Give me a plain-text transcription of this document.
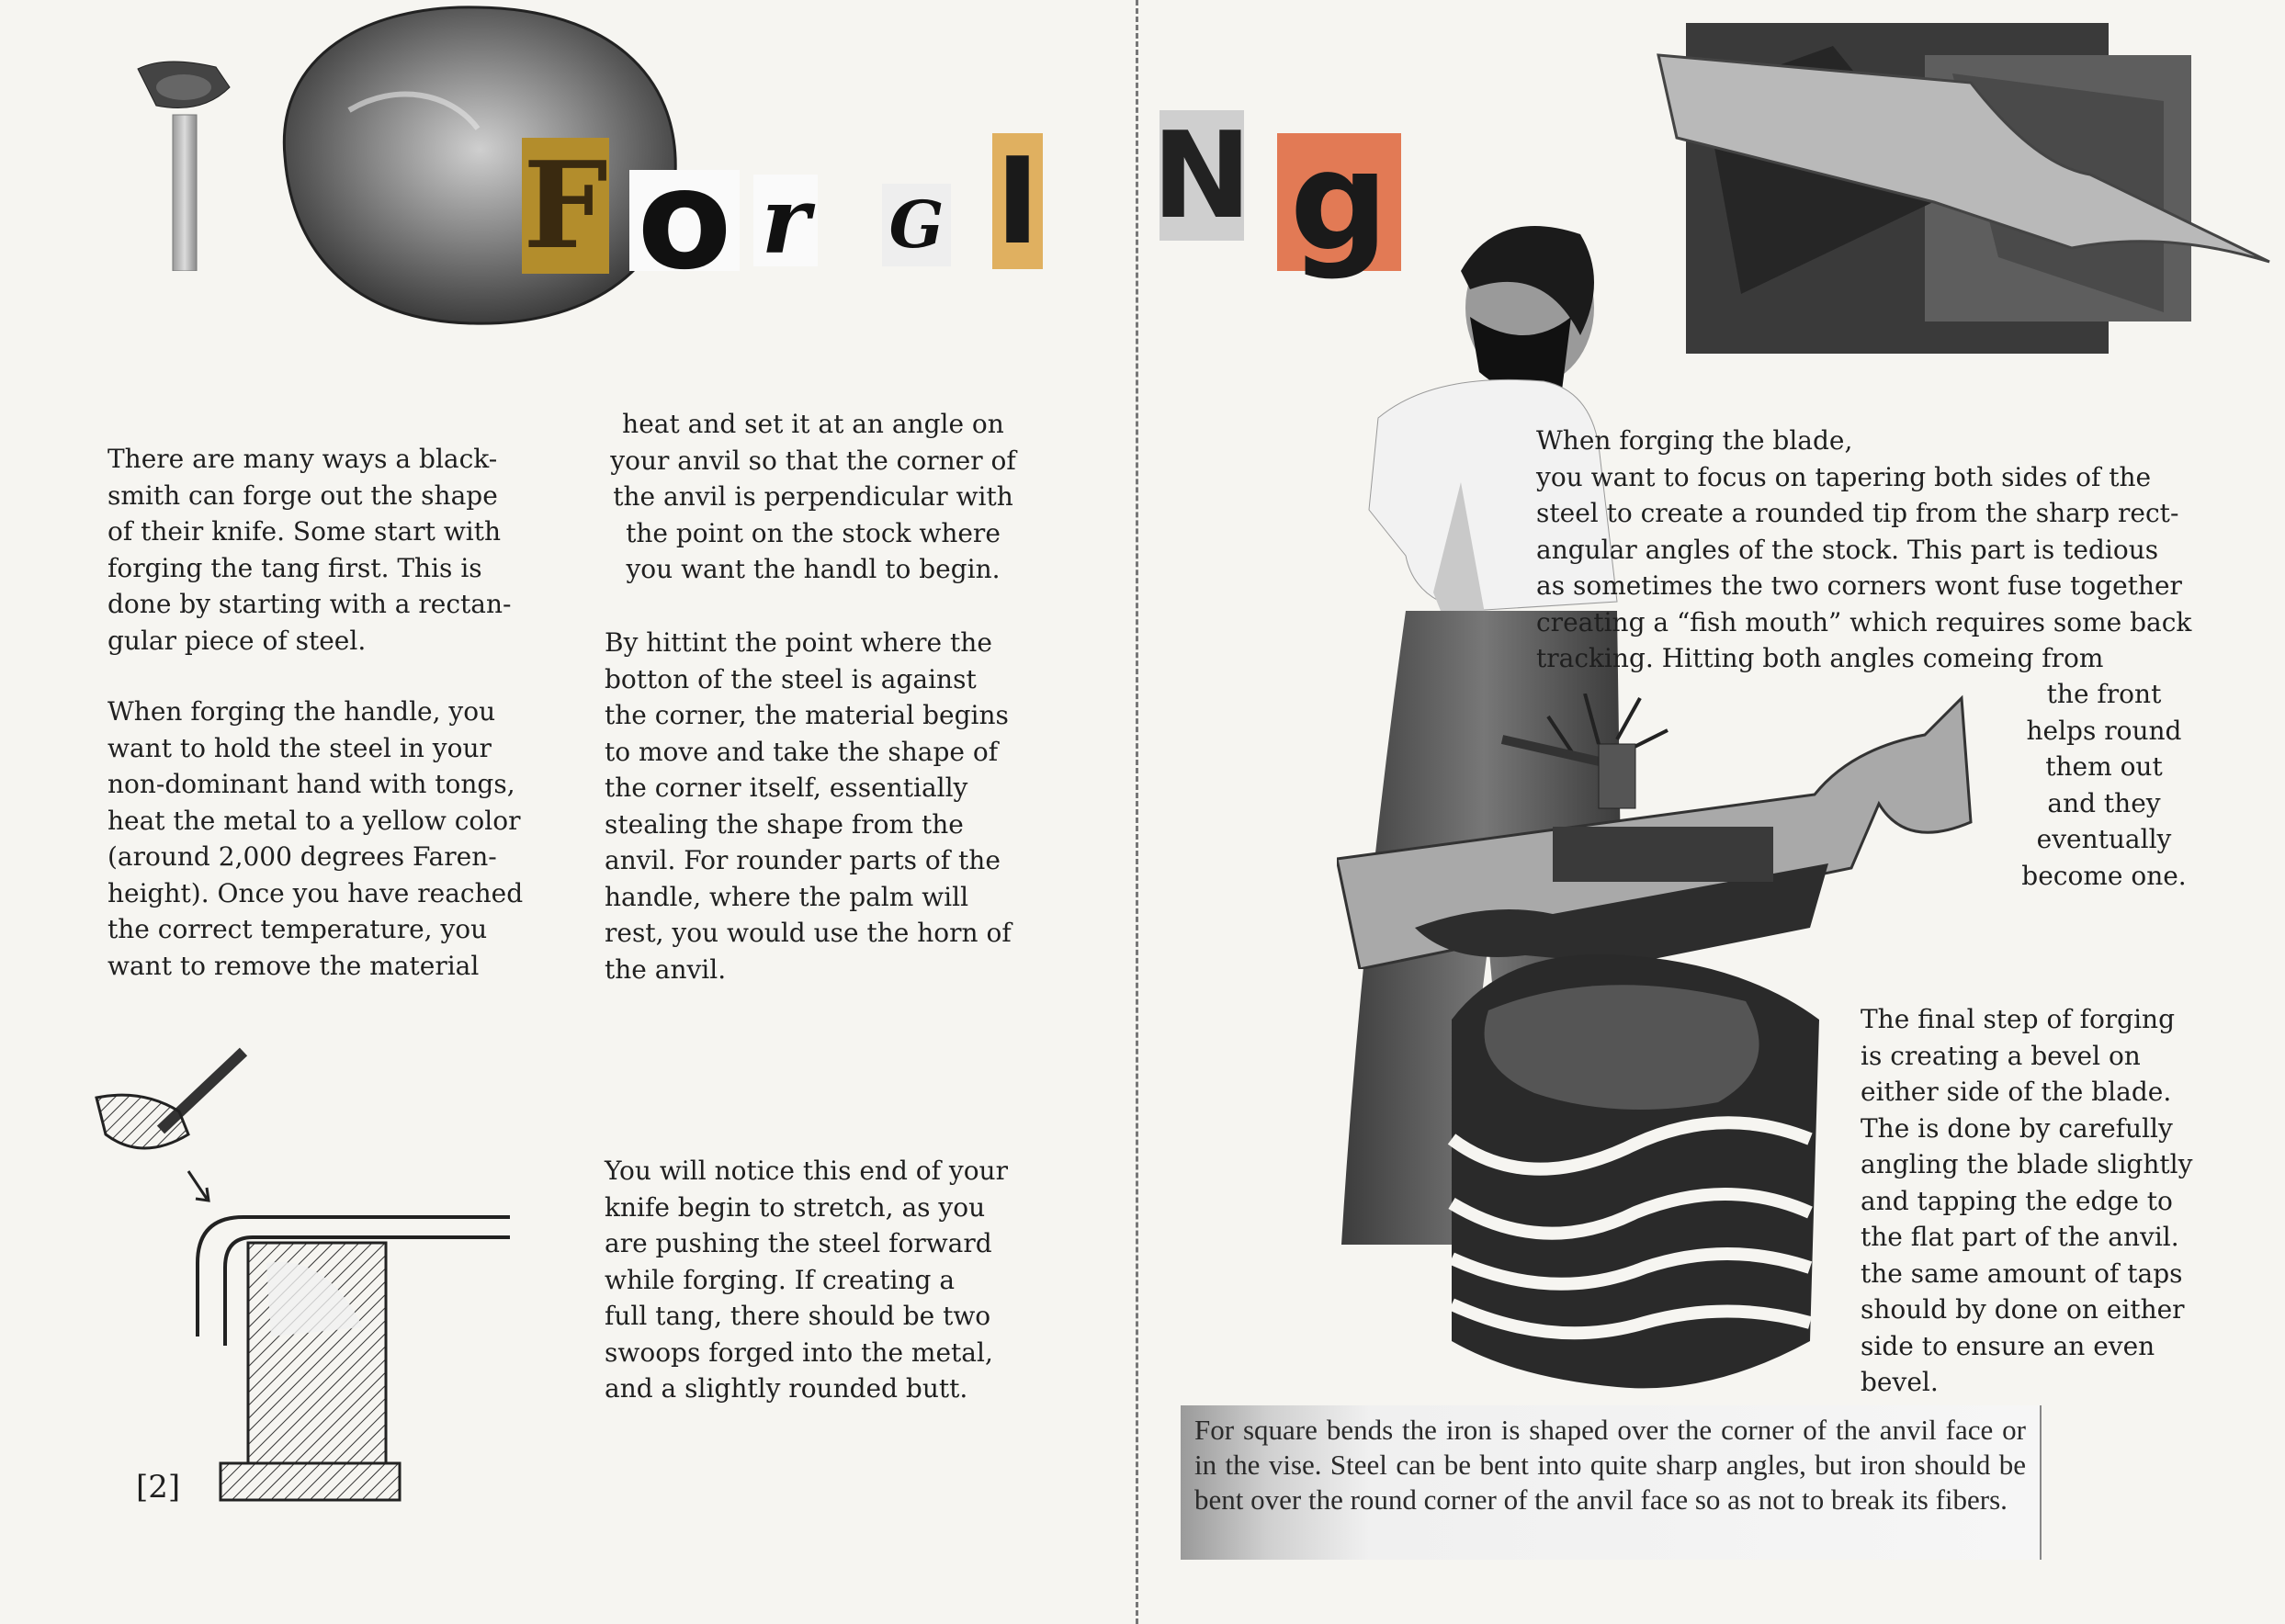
F o r G I
There are many ways a black-
smith can forge out the shape
of their knife. Some start with
forging the tang first. This is
done by starting with a rectan-
gular piece of steel.
When forging the handle, you
want to hold the steel in your
non-dominant hand with tongs,
heat the metal to a yellow color
(around 2,000 degrees Faren-
height). Once you have reached
the correct temperature, you
want to remove the material
heat and set it at an angle on
your anvil so that the corner of
the anvil is perpendicular with
the point on the stock where
you want the handl to begin.
By hittint the point where the
botton of the steel is against
the corner, the material begins
to move and take the shape of
the corner itself, essentially
stealing the shape from the
anvil. For rounder parts of the
handle, where the palm will
rest, you would use the horn of
the anvil.
You will notice this end of your
knife begin to stretch, as you
are pushing the steel forward
while forging. If creating a
full tang, there should be two
swoops forged into the metal,
and a slightly rounded butt.
[2]
N g
When forging the blade,
you want to focus on tapering both sides of the
steel to create a rounded tip from the sharp rect-
angular angles of the stock. This part is tedious
as sometimes the two corners wont fuse together
creating a “fish mouth” which requires some back
tracking. Hitting both angles comeing from
the front
helps round
them out
and they
eventually
become one.
The final step of forging
is creating a bevel on
either side of the blade.
The is done by carefully
angling the blade slightly
and tapping the edge to
the flat part of the anvil.
the same amount of taps
should by done on either
side to ensure an even
bevel.
For square bends the iron is shaped over the corner of the anvil face or in the vise. Steel can be bent into quite sharp angles, but iron should be bent over the round corner of the anvil face so as not to break its fibers.
